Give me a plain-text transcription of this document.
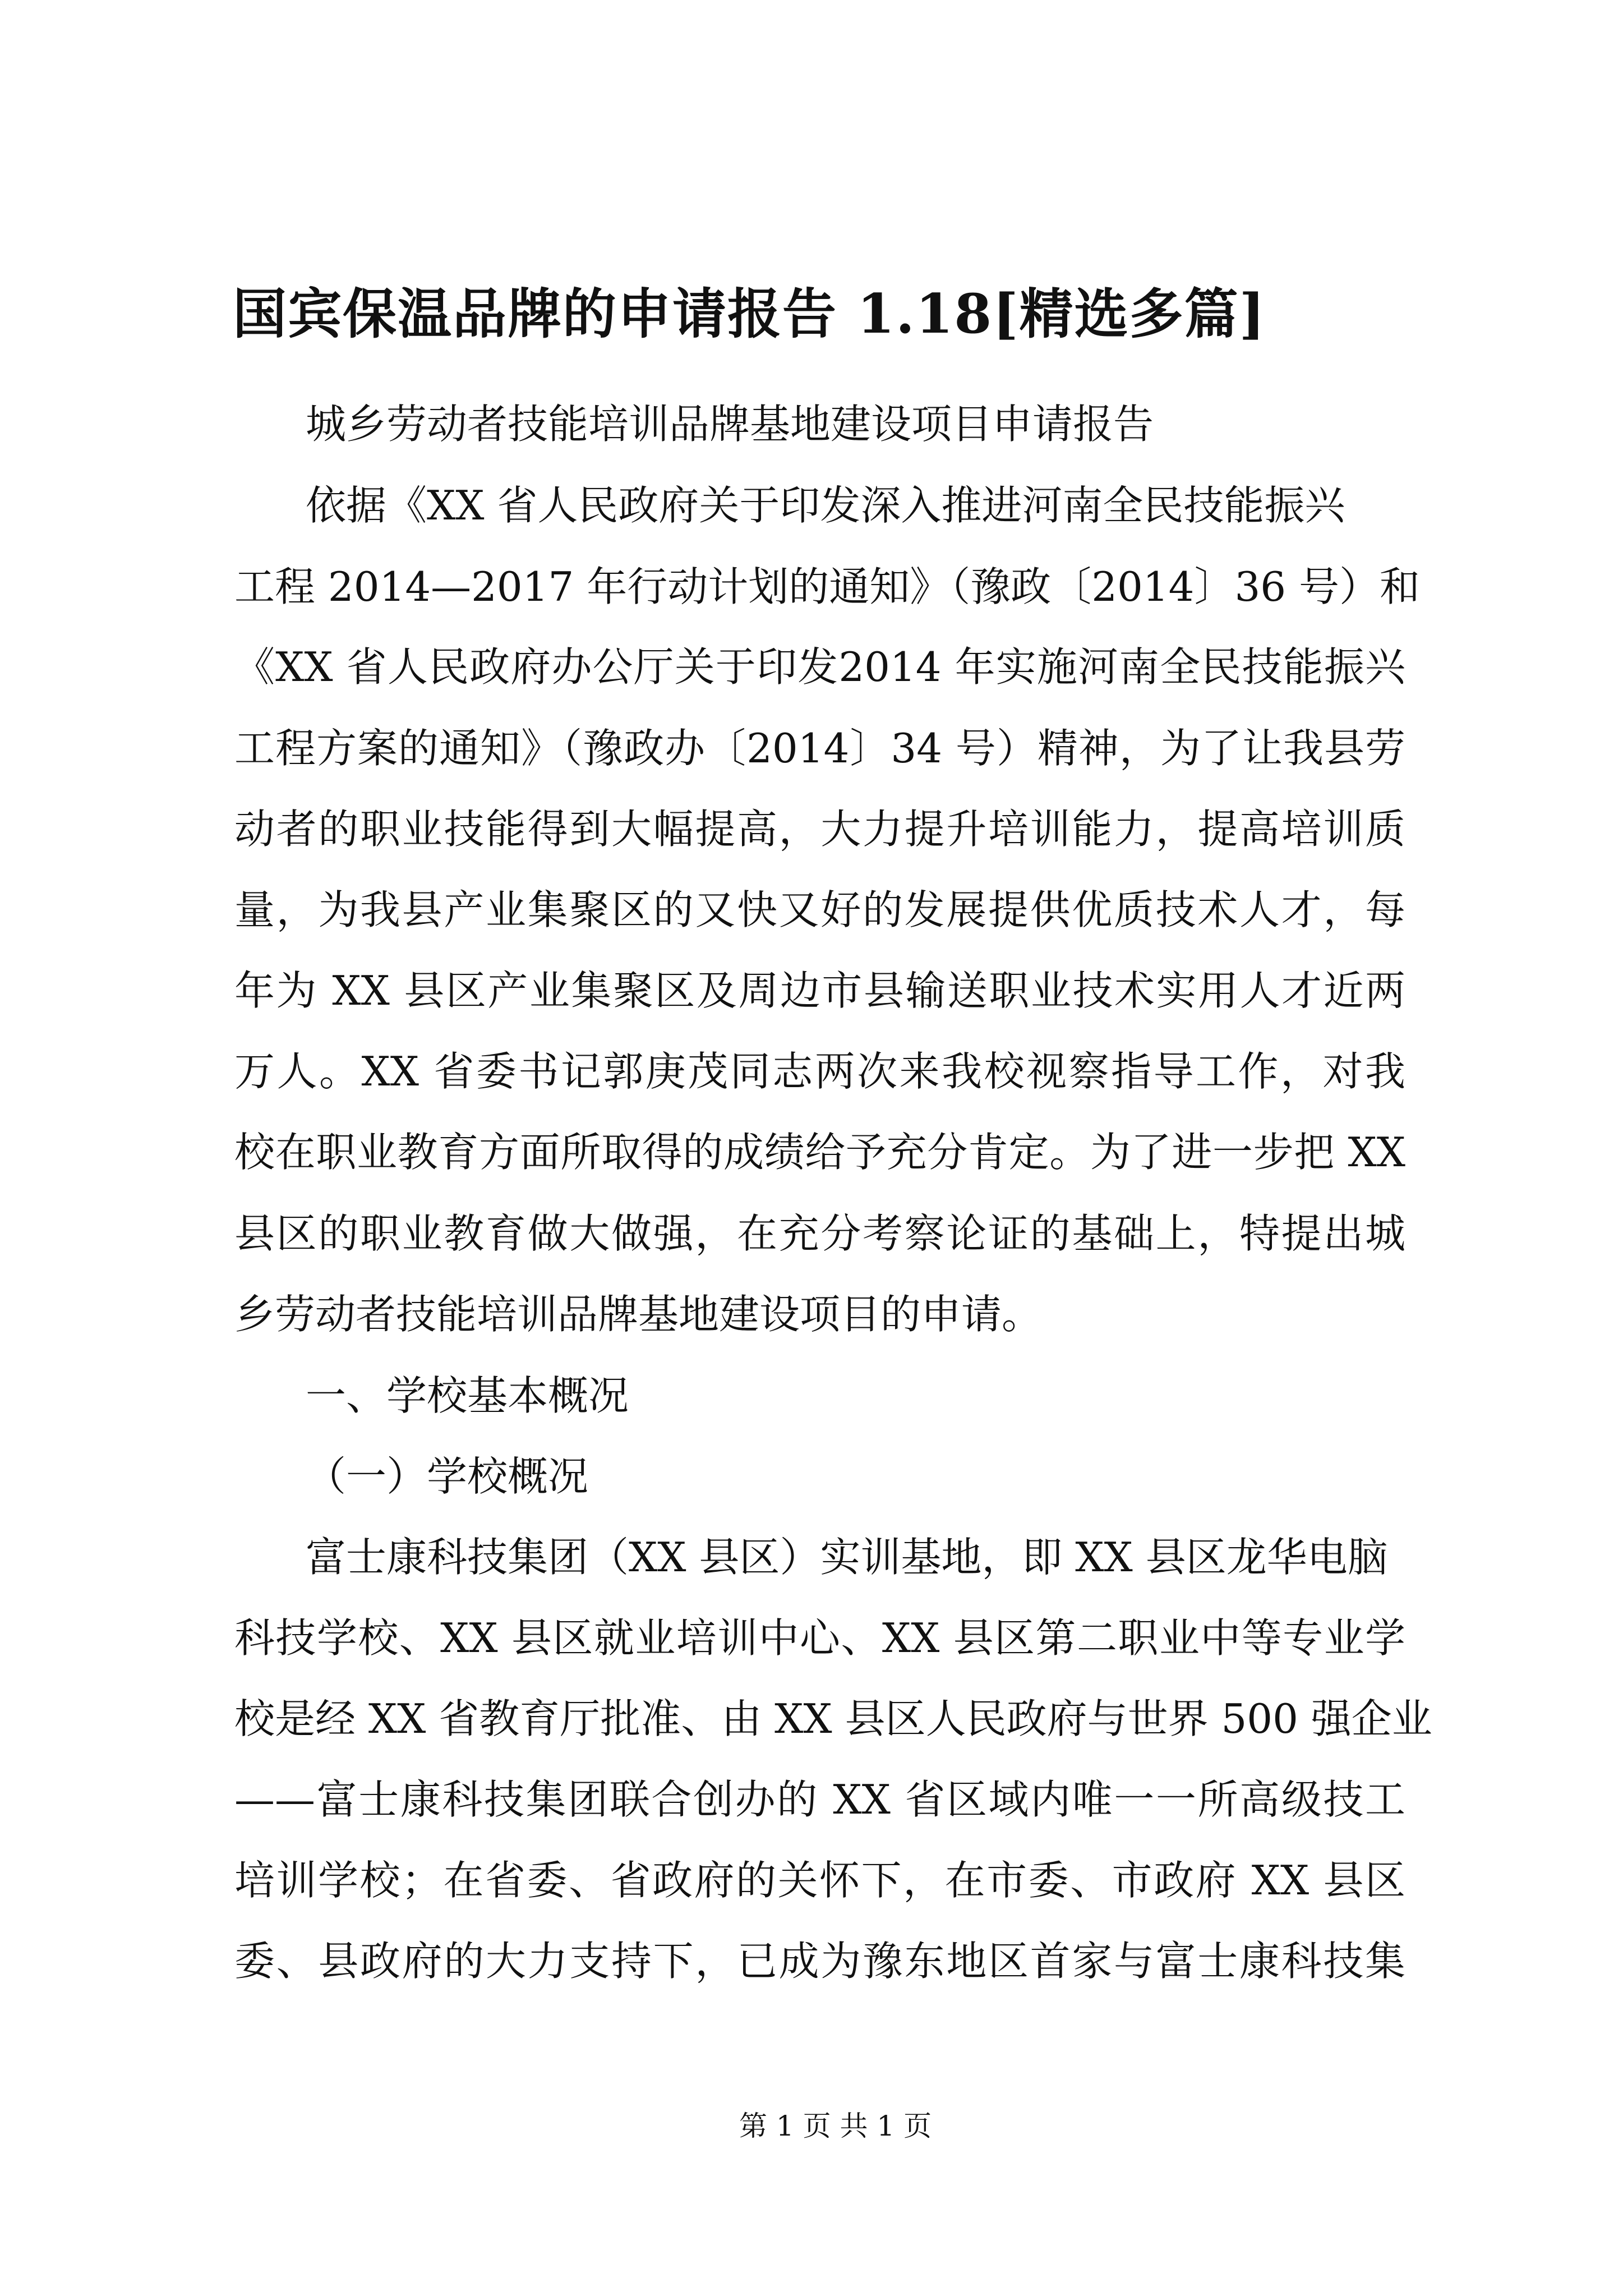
国宾保温品牌的申请报告 1.18[精选多篇]
城乡劳动者技能培训品牌基地建设项目申请报告
依据《XX 省人民政府关于印发深入推进河南全民技能振兴
工程 2014—2017 年行动计划的通知》（豫政〔2014〕36 号）和
《XX 省人民政府办公厅关于印发2014 年实施河南全民技能振兴
工程方案的通知》（豫政办〔2014〕34 号）精神，为了让我县劳
动者的职业技能得到大幅提高，大力提升培训能力，提高培训质
量，为我县产业集聚区的又快又好的发展提供优质技术人才，每
年为 XX 县区产业集聚区及周边市县输送职业技术实用人才近两
万人。XX 省委书记郭庚茂同志两次来我校视察指导工作，对我
校在职业教育方面所取得的成绩给予充分肯定。为了进一步把 XX
县区的职业教育做大做强，在充分考察论证的基础上，特提出城
乡劳动者技能培训品牌基地建设项目的申请。
一、学校基本概况
（一）学校概况
富士康科技集团（XX 县区）实训基地，即 XX 县区龙华电脑
科技学校、XX 县区就业培训中心、XX 县区第二职业中等专业学
校是经 XX 省教育厅批准、由 XX 县区人民政府与世界 500 强企业
——富士康科技集团联合创办的 XX 省区域内唯一一所高级技工
培训学校；在省委、省政府的关怀下，在市委、市政府 XX 县区
委、县政府的大力支持下，已成为豫东地区首家与富士康科技集
第 1 页 共 1 页
